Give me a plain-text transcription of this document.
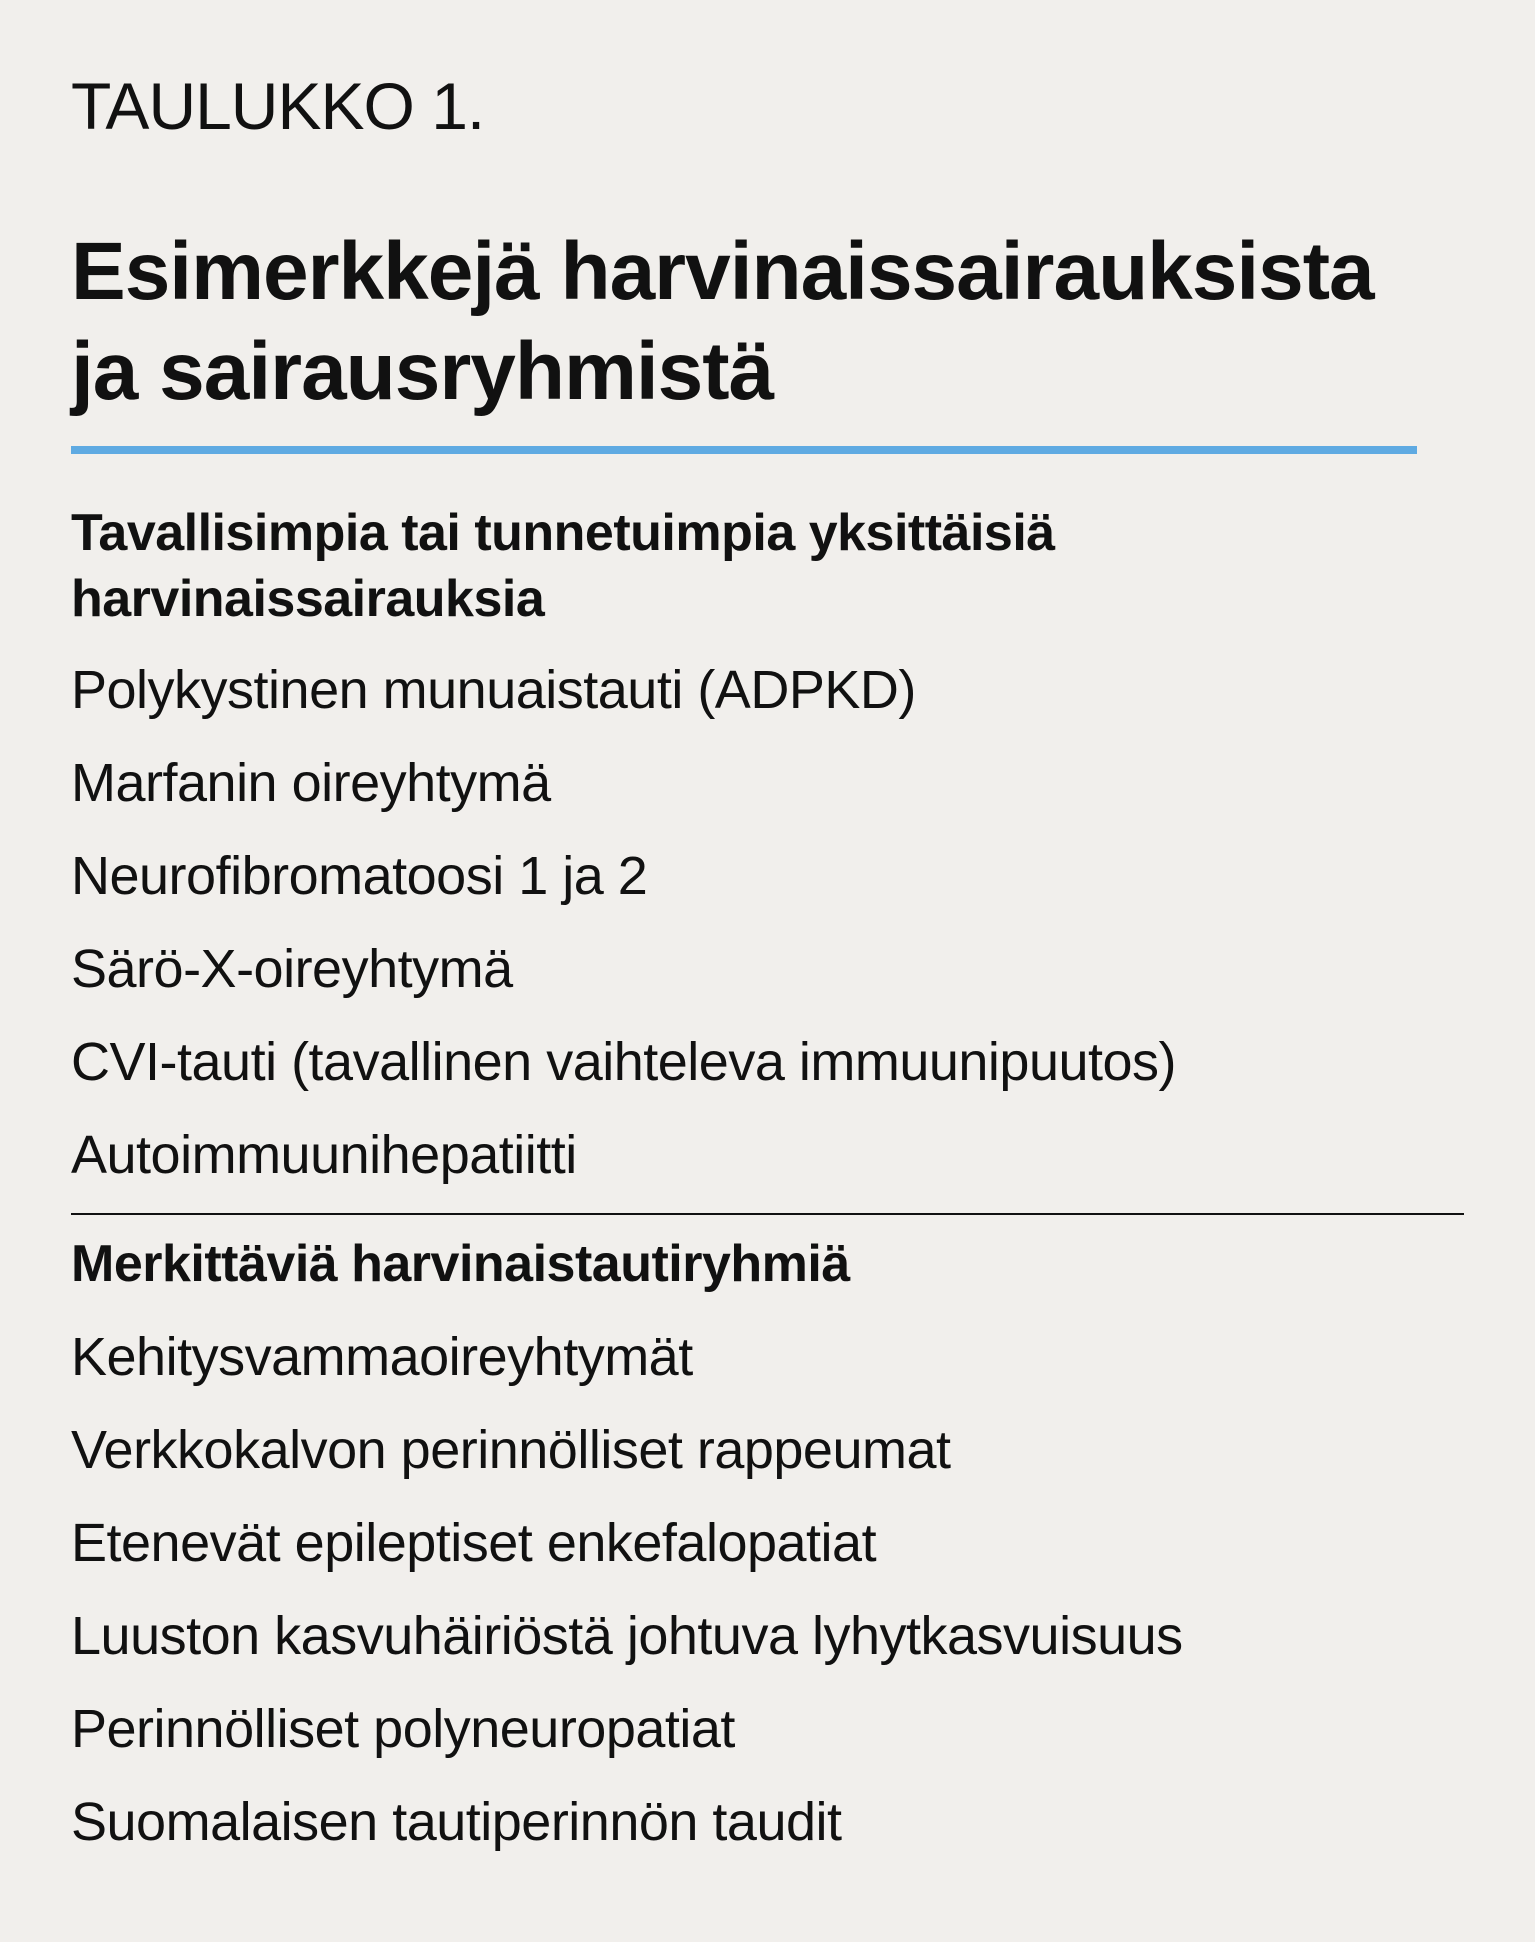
TAULUKKO 1.
Esimerkkejä harvinaissairauksista
ja sairausryhmistä
Tavallisimpia tai tunnetuimpia yksittäisiä
harvinaissairauksia
Polykystinen munuaistauti (ADPKD)
Marfanin oireyhtymä
Neurofibromatoosi 1 ja 2
Särö-X-oireyhtymä
CVI-tauti (tavallinen vaihteleva immuunipuutos)
Autoimmuunihepatiitti
Merkittäviä harvinaistautiryhmiä
Kehitysvammaoireyhtymät
Verkkokalvon perinnölliset rappeumat
Etenevät epileptiset enkefalopatiat
Luuston kasvuhäiriöstä johtuva lyhytkasvuisuus
Perinnölliset polyneuropatiat
Suomalaisen tautiperinnön taudit
